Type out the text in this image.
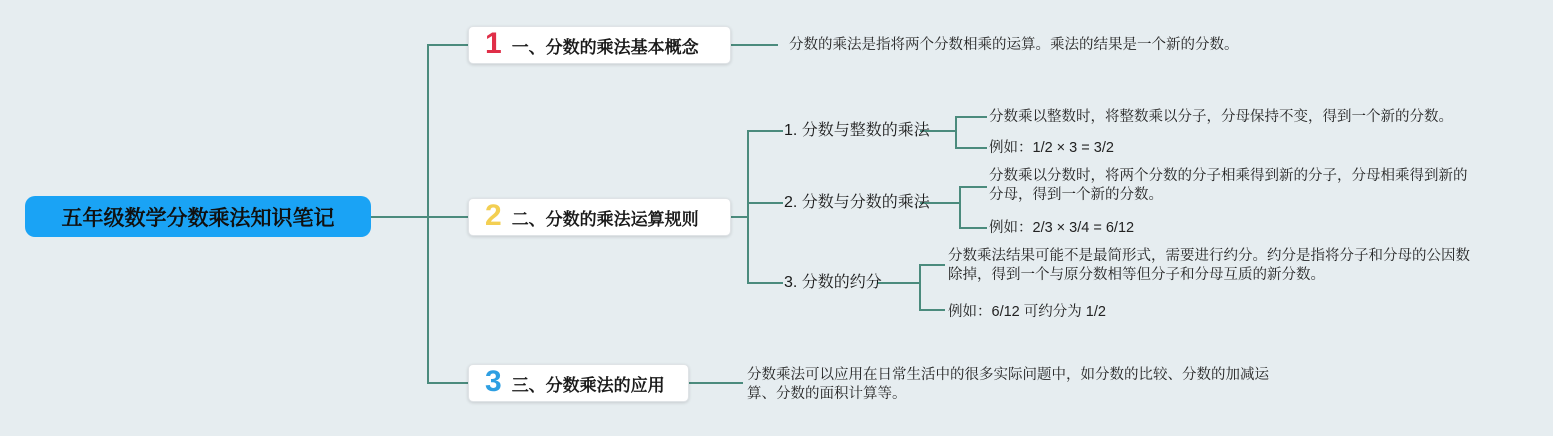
五年级数学分数乘法知识笔记
1 一、分数的乘法基本概念	分数的乘法是指将两个分数相乘的运算。乘法的结果是一个新的分数。
2 二、分数的乘法运算规则
1. 分数与整数的乘法
分数乘以整数时，将整数乘以分子，分母保持不变，得到一个新的分数。
例如：1/2 × 3 = 3/2
2. 分数与分数的乘法
分数乘以分数时，将两个分数的分子相乘得到新的分子，分母相乘得到新的分母，得到一个新的分数。
例如：2/3 × 3/4 = 6/12
3. 分数的约分
分数乘法结果可能不是最简形式，需要进行约分。约分是指将分子和分母的公因数除掉，得到一个与原分数相等但分子和分母互质的新分数。
例如：6/12 可约分为 1/2
3 三、分数乘法的应用
分数乘法可以应用在日常生活中的很多实际问题中，如分数的比较、分数的加减运算、分数的面积计算等。
